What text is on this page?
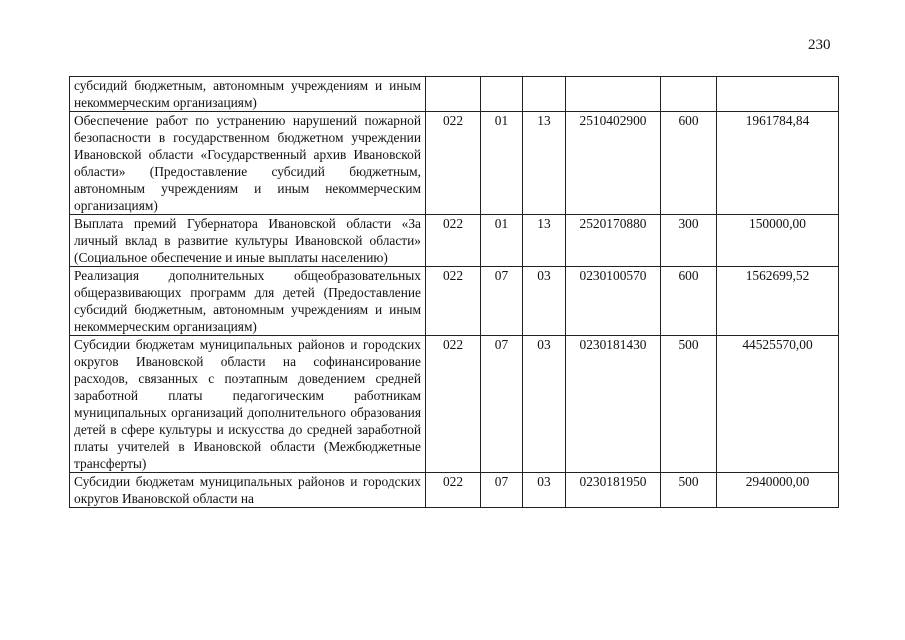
230
субсидий бюджетным, автономным учреждениям и иным некоммерческим организациям)						
Обеспечение работ по устранению нарушений пожарной безопасности в государственном бюджетном учреждении Ивановской области «Государственный архив Ивановской области» (Предоставление субсидий бюджетным, автономным учреждениям и иным некоммерческим организациям)	022	01	13	2510402900	600	1961784,84
Выплата премий Губернатора Ивановской области «За личный вклад в развитие культуры Ивановской области» (Социальное обеспечение и иные выплаты населению)	022	01	13	2520170880	300	150000,00
Реализация дополнительных общеобразовательных общеразвивающих программ для детей (Предоставление субсидий бюджетным, автономным учреждениям и иным некоммерческим организациям)	022	07	03	0230100570	600	1562699,52
Субсидии бюджетам муниципальных районов и городских округов Ивановской области на софинансирование расходов, связанных с поэтапным доведением средней заработной платы педагогическим работникам муниципальных организаций дополнительного образования детей в сфере культуры и искусства до средней заработной платы учителей в Ивановской области (Межбюджетные трансферты)	022	07	03	0230181430	500	44525570,00
Субсидии бюджетам муниципальных районов и городских округов Ивановской области на	022	07	03	0230181950	500	2940000,00
